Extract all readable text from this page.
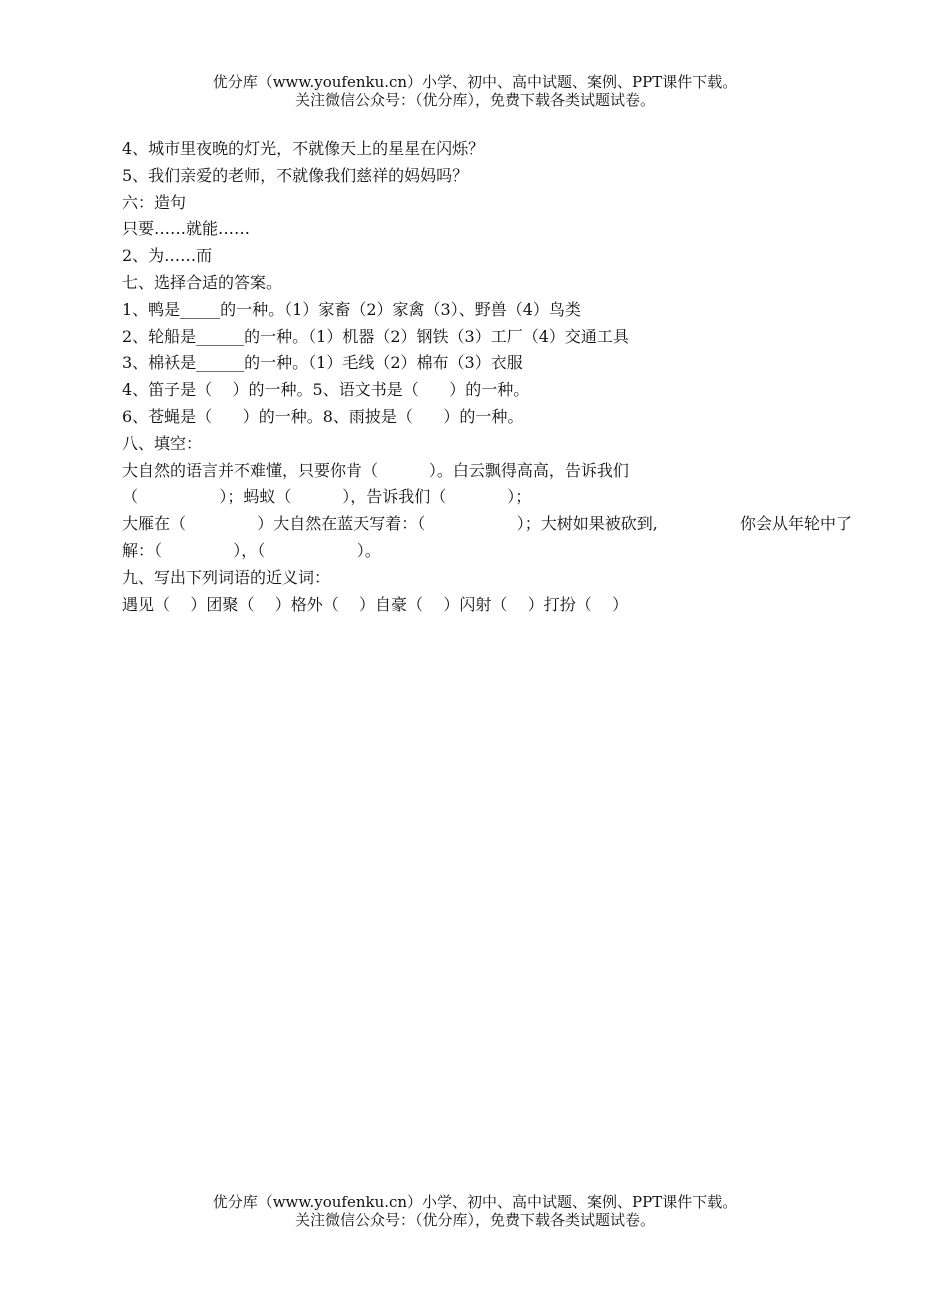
优分库（www.youfenku.cn）小学、初中、高中试题、案例、PPT课件下载。
关注微信公众号：（优分库），免费下载各类试题试卷。
4、城市里夜晚的灯光，不就像天上的星星在闪烁？
5、我们亲爱的老师，不就像我们慈祥的妈妈吗？
六：造句
只要……就能……
2、为……而
七、选择合适的答案。
1、鸭是_____的一种。（1）家畜（2）家禽（3）、野兽（4）鸟类
2、轮船是______的一种。（1）机器（2）钢铁（3）工厂（4）交通工具
3、棉袄是______的一种。（1）毛线（2）棉布（3）衣服
4、笛子是（    ）的一种。5、语文书是（      ）的一种。
6、苍蝇是（      ）的一种。8、雨披是（      ）的一种。
八、填空：
大自然的语言并不难懂，只要你肯（          ）。白云飘得高高，告诉我们
（                ）；蚂蚁（          ），告诉我们（            ）；
大雁在（              ）大自然在蓝天写着：（                  ）；大树如果被砍到,	你会从年轮中了
解：（              ），（                  ）。
九、写出下列词语的近义词：
遇见（    ）团聚（    ）格外（    ）自豪（    ）闪射（    ）打扮（    ）
优分库（www.youfenku.cn）小学、初中、高中试题、案例、PPT课件下载。
关注微信公众号：（优分库），免费下载各类试题试卷。
